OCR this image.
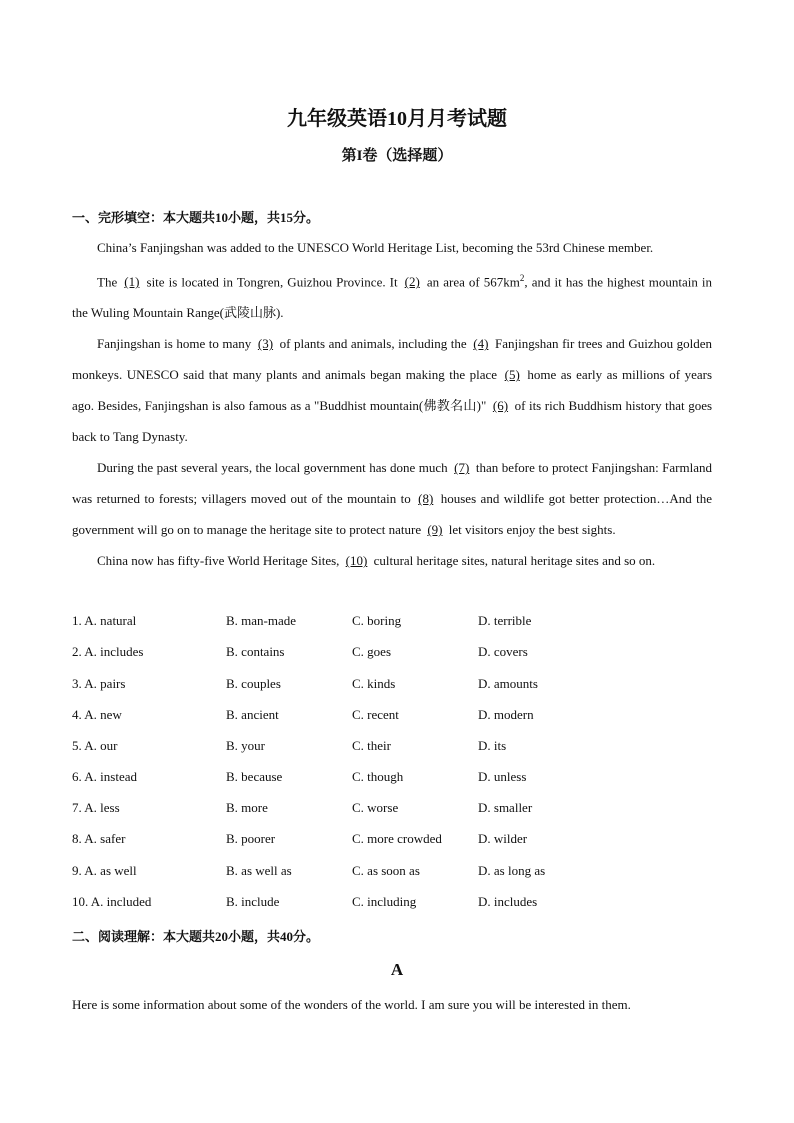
九年级英语10月月考试题
第I卷（选择题）
一、完形填空：本大题共10小题，共15分。

China’s Fanjingshan was added to the UNESCO World Heritage List, becoming the 53rd Chinese member.

The (1) site is located in Tongren, Guizhou Province. It (2) an area of $567km^2$, and it has the highest mountain in the Wuling Mountain Range(武陵山脉).

Fanjingshan is home to many (3) of plants and animals, including the (4) Fanjingshan fir trees and Guizhou golden monkeys. UNESCO said that many plants and animals began making the place (5) home as early as millions of years ago. Besides, Fanjingshan is also famous as a "Buddhist mountain(佛教名山)" (6) of its rich Buddhism history that goes back to Tang Dynasty.

During the past several years, the local government has done much (7) than before to protect Fanjingshan: Farmland was returned to forests; villagers moved out of the mountain to (8) houses and wildlife got better protection…And the government will go on to manage the heritage site to protect nature (9) let visitors enjoy the best sights.

China now has fifty-five World Heritage Sites, (10) cultural heritage sites, natural heritage sites and so on.

1. A. natural	B. man-made	C. boring	D. terrible
2. A. includes	B. contains	C. goes	D. covers
3. A. pairs	B. couples	C. kinds	D. amounts
4. A. new	B. ancient	C. recent	D. modern
5. A. our	B. your	C. their	D. its
6. A. instead	B. because	C. though	D. unless
7. A. less	B. more	C. worse	D. smaller
8. A. safer	B. poorer	C. more crowded	D. wilder
9. A. as well	B. as well as	C. as soon as	D. as long as
10. A. included	B. include	C. including	D. includes
二、阅读理解：本大题共20小题，共40分。
A
Here is some information about some of the wonders of the world. I am sure you will be interested in them.
